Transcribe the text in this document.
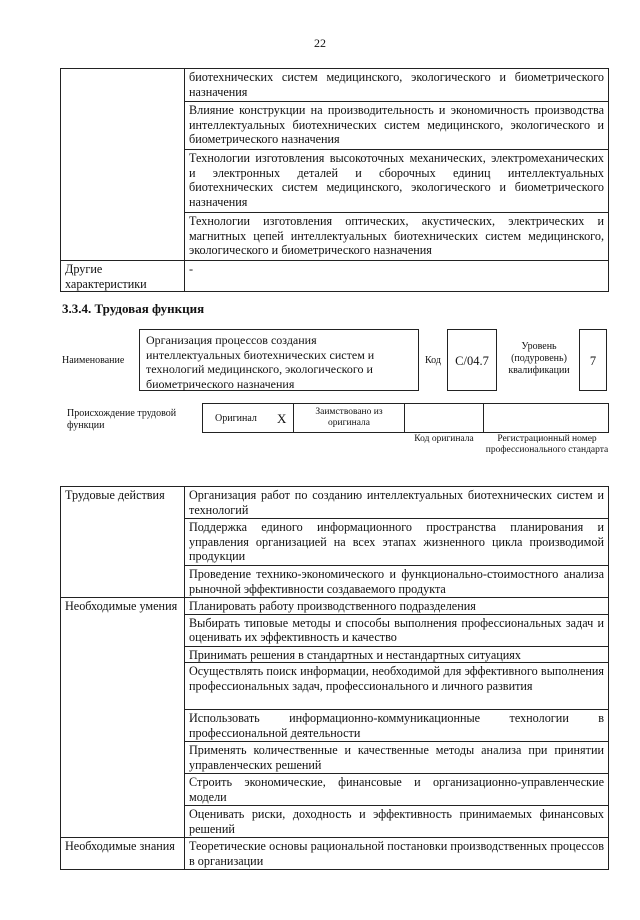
22
	биотехнических систем медицинского, экологического и биометрического назначения
	Влияние конструкции на производительность и экономичность производства интеллектуальных биотехнических систем медицинского, экологического и биометрического назначения
	Технологии изготовления высокоточных механических, электромеханических и электронных деталей и сборочных единиц интеллектуальных биотехнических систем медицинского, экологического и биометрического назначения
	Технологии изготовления оптических, акустических, электрических и магнитных цепей интеллектуальных биотехнических систем медицинского, экологического и биометрического назначения
Другие характеристики	-
3.3.4. Трудовая функция
Наименование
Организация процессов создания интеллектуальных биотехнических систем и технологий медицинского, экологического и биометрического назначения
Код	С/04.7
Уровень (подуровень) квалификации
7
Происхождение трудовой функции
Оригинал X	Заимствовано из оригинала
Код оригинала	Регистрационный номер профессионального стандарта
Трудовые действия	Организация работ по созданию интеллектуальных биотехнических систем и технологий
	Поддержка единого информационного пространства планирования и управления организацией на всех этапах жизненного цикла производимой продукции
	Проведение технико-экономического и функционально-стоимостного анализа рыночной эффективности создаваемого продукта
Необходимые умения	Планировать работу производственного подразделения
	Выбирать типовые методы и способы выполнения профессиональных задач и оценивать их эффективность и качество
	Принимать решения в стандартных и нестандартных ситуациях
	Осуществлять поиск информации, необходимой для эффективного выполнения профессиональных задач, профессионального и личного развития
	Использовать информационно-коммуникационные технологии в профессиональной деятельности
	Применять количественные и качественные методы анализа при принятии управленческих решений
	Строить экономические, финансовые и организационно-управленческие модели
	Оценивать риски, доходность и эффективность принимаемых финансовых решений
Необходимые знания	Теоретические основы рациональной постановки производственных процессов в организации
